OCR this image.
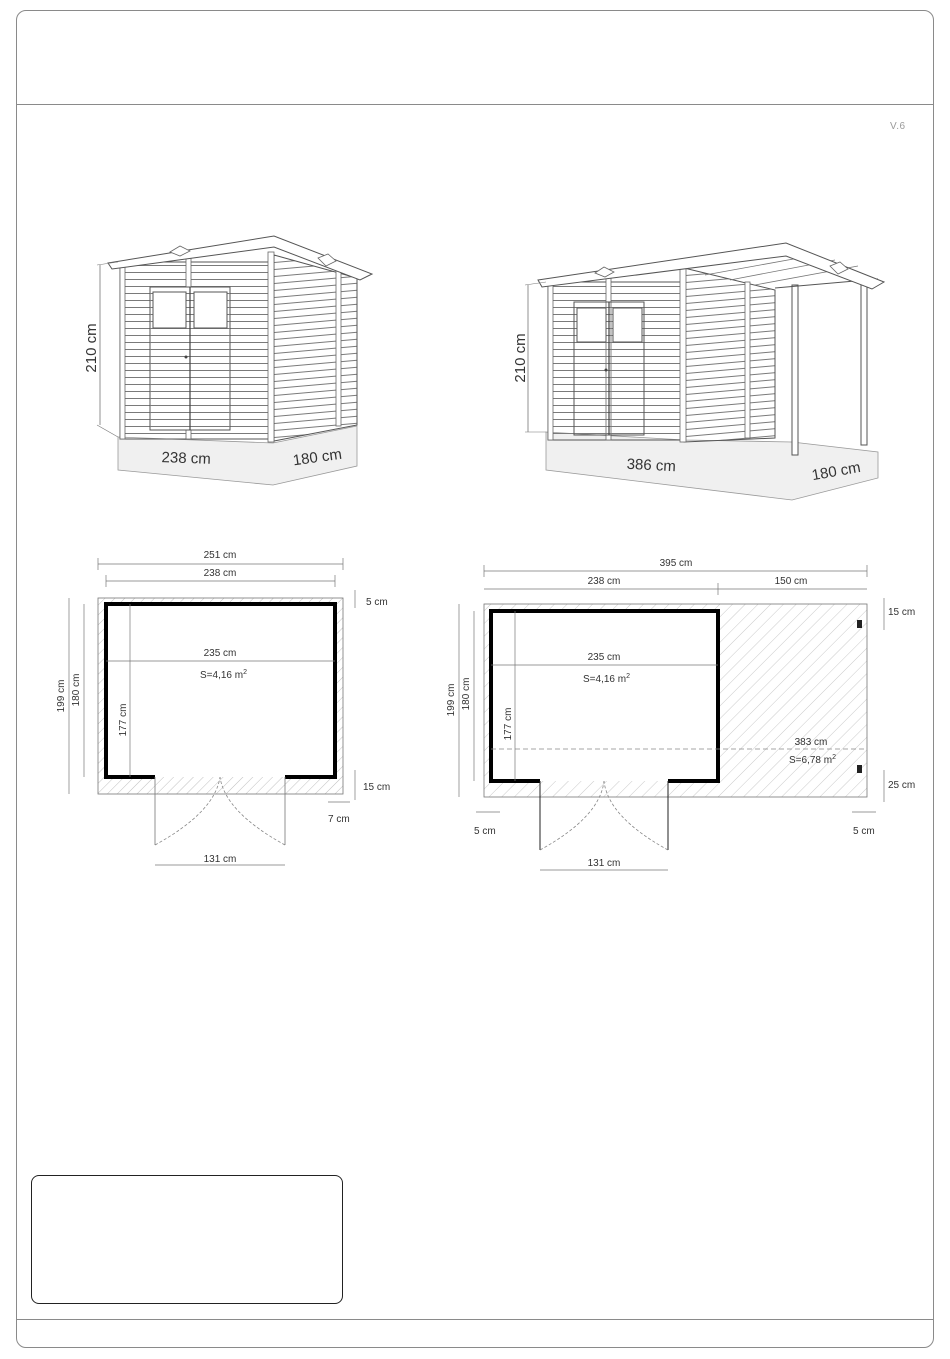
V.6
210 cm
238 cm	180 cm
210 cm
386 cm	180 cm
251 cm
238 cm
5 cm
235 cm
S=4,16 $m^2$
199 cm 180 cm
177 cm
15 cm
7 cm
131 cm
395 cm
238 cm	150 cm
15 cm
235 cm
S=4,16 $m^2$
199 cm 180 cm
177 cm
383 cm
S=6,78 $m^2$
25 cm
5 cm	5 cm
131 cm
